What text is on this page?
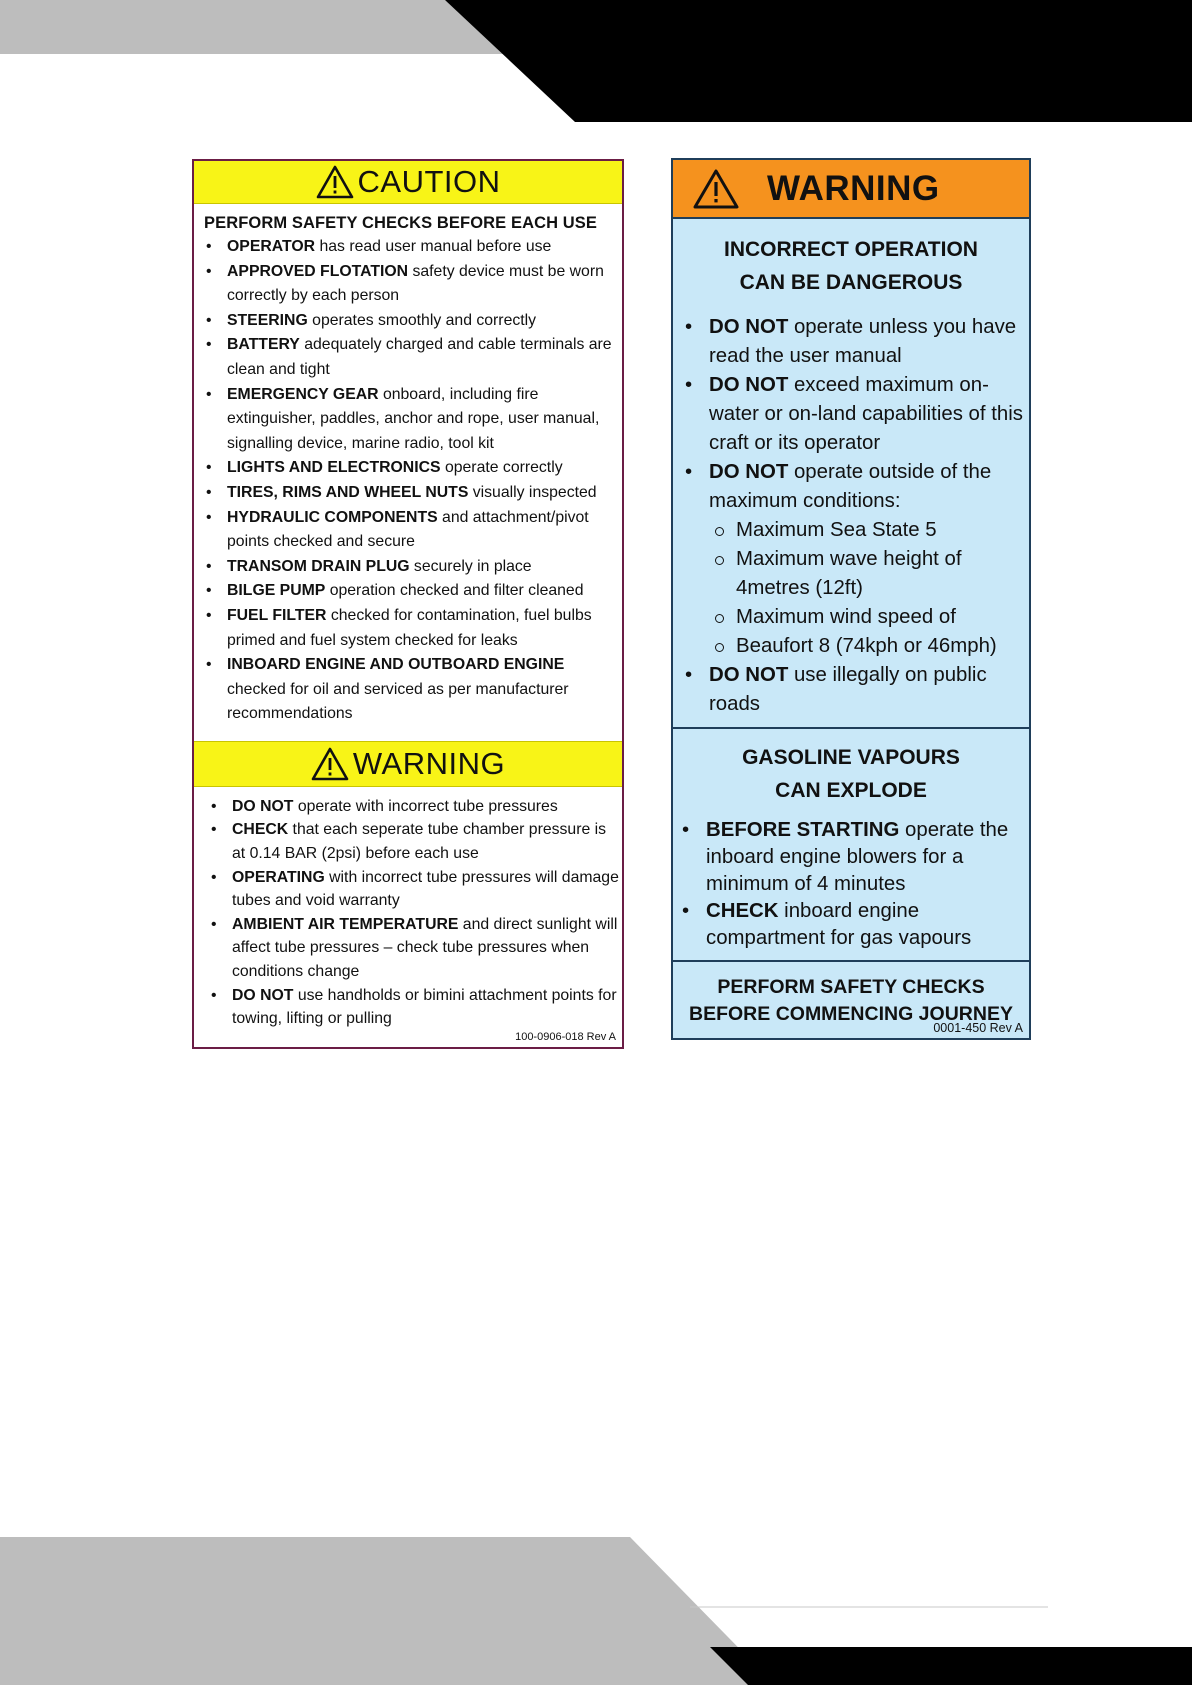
CAUTION
PERFORM SAFETY CHECKS BEFORE EACH USE
• OPERATOR has read user manual before use
• APPROVED FLOTATION safety device must be worn correctly by each person
• STEERING operates smoothly and correctly
• BATTERY adequately charged and cable terminals are clean and tight
• EMERGENCY GEAR onboard, including fire extinguisher, paddles, anchor and rope, user manual, signalling device, marine radio, tool kit
• LIGHTS AND ELECTRONICS operate correctly
• TIRES, RIMS AND WHEEL NUTS visually inspected
• HYDRAULIC COMPONENTS and attachment/pivot points checked and secure
• TRANSOM DRAIN PLUG securely in place
• BILGE PUMP operation checked and filter cleaned
• FUEL FILTER checked for contamination, fuel bulbs primed and fuel system checked for leaks
• INBOARD ENGINE AND OUTBOARD ENGINE checked for oil and serviced as per manufacturer recommendations
WARNING
• DO NOT operate with incorrect tube pressures
• CHECK that each seperate tube chamber pressure is at 0.14 BAR (2psi) before each use
• OPERATING with incorrect tube pressures will damage tubes and void warranty
• AMBIENT AIR TEMPERATURE and direct sunlight will affect tube pressures – check tube pressures when conditions change
• DO NOT use handholds or bimini attachment points for towing, lifting or pulling
100-0906-018 Rev A
WARNING
INCORRECT OPERATION
CAN BE DANGEROUS
• DO NOT operate unless you have read the user manual
• DO NOT exceed maximum on-water or on-land capabilities of this craft or its operator
• DO NOT operate outside of the maximum conditions:
Maximum Sea State 5
Maximum wave height of 4metres (12ft)
Maximum wind speed of
Beaufort 8 (74kph or 46mph)
• DO NOT use illegally on public roads
GASOLINE VAPOURS
CAN EXPLODE
• BEFORE STARTING operate the inboard engine blowers for a minimum of 4 minutes
• CHECK inboard engine compartment for gas vapours
PERFORM SAFETY CHECKS
BEFORE COMMENCING JOURNEY
0001-450 Rev A
